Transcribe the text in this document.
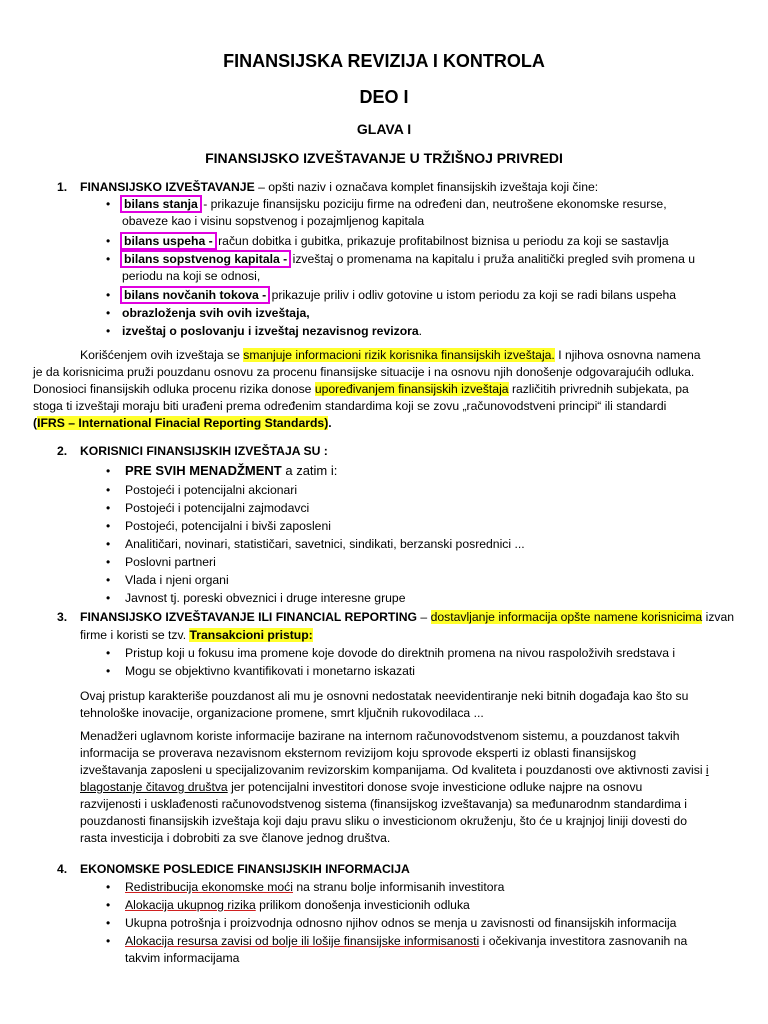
FINANSIJSKA REVIZIJA I KONTROLA
DEO I
GLAVA I
FINANSIJSKO IZVEŠTAVANJE U TRŽIŠNOJ PRIVREDI
1. FINANSIJSKO IZVEŠTAVANJE – opšti naziv i označava komplet finansijskih izveštaja koji čine:
• bilans stanja - prikazuje finansijsku poziciju firme na određeni dan, neutrošene ekonomske resurse,
obaveze kao i visinu sopstvenog i pozajmljenog kapitala
• bilans uspeha - račun dobitka i gubitka, prikazuje profitabilnost biznisa u periodu za koji se sastavlja
• bilans sopstvenog kapitala - izveštaj o promenama na kapitalu i pruža analitički pregled svih promena u
periodu na koji se odnosi,
• bilans novčanih tokova - prikazuje priliv i odliv gotovine u istom periodu za koji se radi bilans uspeha
• obrazloženja svih ovih izveštaja,
• izveštaj o poslovanju i izveštaj nezavisnog revizora.
Korišćenjem ovih izveštaja se smanjuje informacioni rizik korisnika finansijskih izveštaja. I njihova osnovna namena
je da korisnicima pruži pouzdanu osnovu za procenu finansijske situacije i na osnovu njih donošenje odgovarajućih odluka.
Donosioci finansijskih odluka procenu rizika donose upoređivanjem finansijskih izveštaja različitih privrednih subjekata, pa
stoga ti izveštaji moraju biti urađeni prema određenim standardima koji se zovu „računovodstveni principi“ ili standardi
(IFRS – International Finacial Reporting Standards).
2. KORISNICI FINANSIJSKIH IZVEŠTAJA SU :
• PRE SVIH MENADŽMENT a zatim i:
• Postojeći i potencijalni akcionari
• Postojeći i potencijalni zajmodavci
• Postojeći, potencijalni i bivši zaposleni
• Analitičari, novinari, statističari, savetnici, sindikati, berzanski posrednici ...
• Poslovni partneri
• Vlada i njeni organi
• Javnost tj. poreski obveznici i druge interesne grupe
3. FINANSIJSKO IZVEŠTAVANJE ILI FINANCIAL REPORTING – dostavljanje informacija opšte namene korisnicima izvan
firme i koristi se tzv. Transakcioni pristup:
• Pristup koji u fokusu ima promene koje dovode do direktnih promena na nivou raspoloživih sredstava i
• Mogu se objektivno kvantifikovati i monetarno iskazati
Ovaj pristup karakteriše pouzdanost ali mu je osnovni nedostatak neevidentiranje neki bitnih događaja kao što su
tehnološke inovacije, organizacione promene, smrt ključnih rukovodilaca ...
Menadžeri uglavnom koriste informacije bazirane na internom računovodstvenom sistemu, a pouzdanost takvih
informacija se proverava nezavisnom eksternom revizijom koju sprovode eksperti iz oblasti finansijskog
izveštavanja zaposleni u specijalizovanim revizorskim kompanijama. Od kvaliteta i pouzdanosti ove aktivnosti zavisi i
blagostanje čitavog društva jer potencijalni investitori donose svoje investicione odluke najpre na osnovu
razvijenosti i usklađenosti računovodstvenog sistema (finansijskog izveštavanja) sa međunarodnm standardima i
pouzdanosti finansijskih izveštaja koji daju pravu sliku o investicionom okruženju, što će u krajnjoj liniji dovesti do
rasta investicija i dobrobiti za sve članove jednog društva.
4. EKONOMSKE POSLEDICE FINANSIJSKIH INFORMACIJA
• Redistribucija ekonomske moći na stranu bolje informisanih investitora
• Alokacija ukupnog rizika prilikom donošenja investicionih odluka
• Ukupna potrošnja i proizvodnja odnosno njihov odnos se menja u zavisnosti od finansijskih informacija
• Alokacija resursa zavisi od bolje ili lošije finansijske informisanosti i očekivanja investitora zasnovanih na
takvim informacijama
